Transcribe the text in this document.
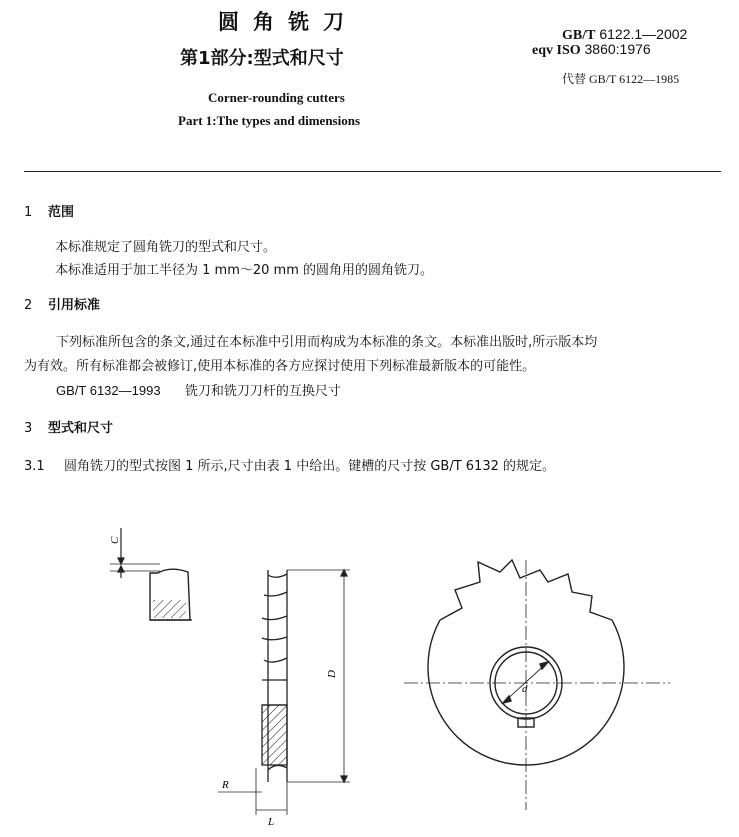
圆角铣刀
第1部分:型式和尺寸
Corner-rounding cutters
Part 1:The types and dimensions
GB/T 6122.1—2002
eqv ISO 3860:1976
代替 GB/T 6122—1985
1 范围
本标准规定了圆角铣刀的型式和尺寸。
本标准适用于加工半径为 1 mm～20 mm 的圆角用的圆角铣刀。
2 引用标准
下列标准所包含的条文,通过在本标准中引用而构成为本标准的条文。本标准出版时,所示版本均
为有效。所有标准都会被修订,使用本标准的各方应探讨使用下列标准最新版本的可能性。
GB/T 6132—1993 铣刀和铣刀刀杆的互换尺寸
3 型式和尺寸
3.1 圆角铣刀的型式按图 1 所示,尺寸由表 1 中给出。键槽的尺寸按 GB/T 6132 的规定。
C
D
R
L
d
